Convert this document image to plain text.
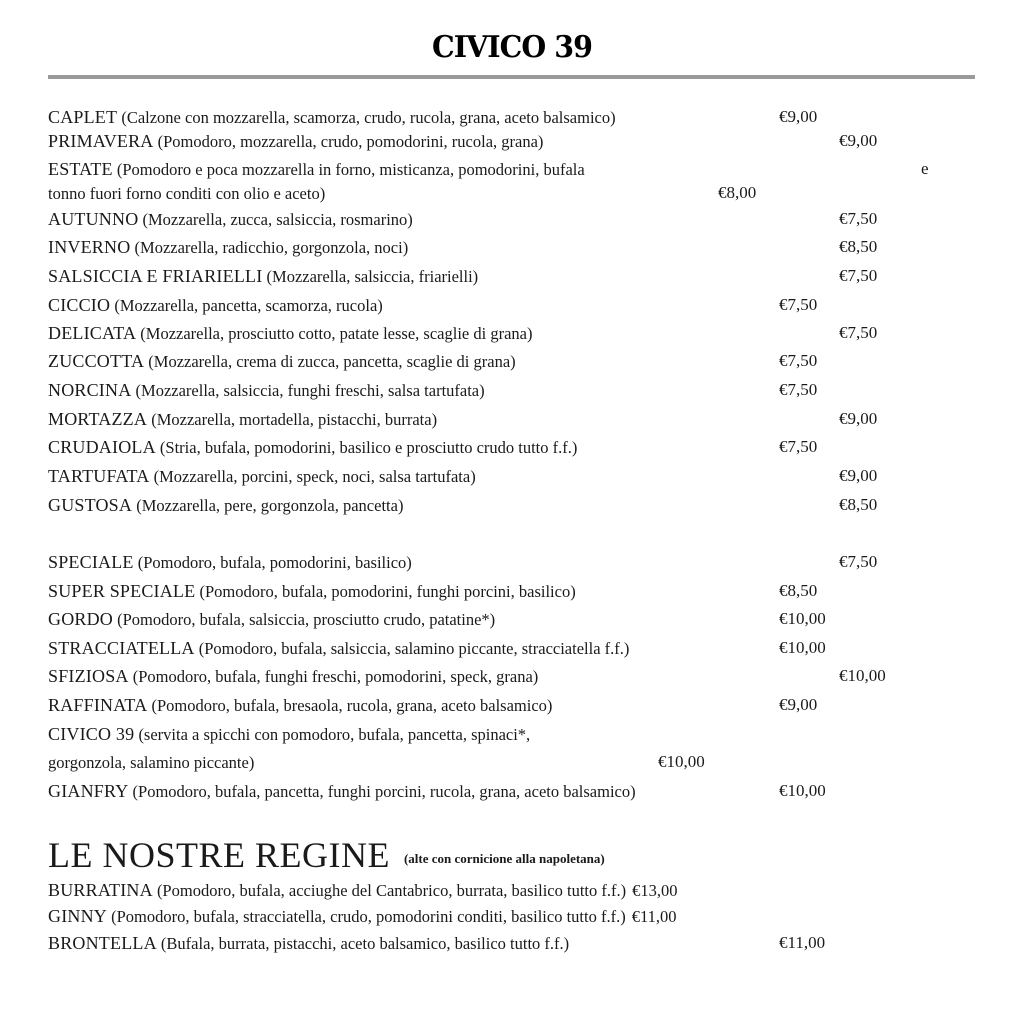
CIVICO 39
CAPLET (Calzone con mozzarella, scamorza, crudo, rucola, grana, aceto balsamico)	€9,00
PRIMAVERA (Pomodoro, mozzarella, crudo, pomodorini, rucola, grana)	€9,00
ESTATE (Pomodoro e poca mozzarella in forno, misticanza, pomodorini, bufala	e
tonno fuori forno conditi con olio e aceto)	€8,00
AUTUNNO (Mozzarella, zucca, salsiccia, rosmarino)	€7,50
INVERNO (Mozzarella, radicchio, gorgonzola, noci)	€8,50
SALSICCIA E FRIARIELLI (Mozzarella, salsiccia, friarielli)	€7,50
CICCIO (Mozzarella, pancetta, scamorza, rucola)	€7,50
DELICATA (Mozzarella, prosciutto cotto, patate lesse, scaglie di grana)	€7,50
ZUCCOTTA (Mozzarella, crema di zucca, pancetta, scaglie di grana)	€7,50
NORCINA (Mozzarella, salsiccia, funghi freschi, salsa tartufata)	€7,50
MORTAZZA (Mozzarella, mortadella, pistacchi, burrata)	€9,00
CRUDAIOLA (Stria, bufala, pomodorini, basilico e prosciutto crudo tutto f.f.)	€7,50
TARTUFATA (Mozzarella, porcini, speck, noci, salsa tartufata)	€9,00
GUSTOSA (Mozzarella, pere, gorgonzola, pancetta)	€8,50
SPECIALE (Pomodoro, bufala, pomodorini, basilico)	€7,50
SUPER SPECIALE (Pomodoro, bufala, pomodorini, funghi porcini, basilico)	€8,50
GORDO (Pomodoro, bufala, salsiccia, prosciutto crudo, patatine*)	€10,00
STRACCIATELLA (Pomodoro, bufala, salsiccia, salamino piccante, stracciatella f.f.)	€10,00
SFIZIOSA (Pomodoro, bufala, funghi freschi, pomodorini, speck, grana)	€10,00
RAFFINATA (Pomodoro, bufala, bresaola, rucola, grana, aceto balsamico)	€9,00
CIVICO 39 (servita a spicchi con pomodoro, bufala, pancetta, spinaci*,
gorgonzola, salamino piccante)	€10,00
GIANFRY (Pomodoro, bufala, pancetta, funghi porcini, rucola, grana, aceto balsamico)	€10,00
LE NOSTRE REGINE $^{(alte con cornicione alla napoletana)}$
BURRATINA (Pomodoro, bufala, acciughe del Cantabrico, burrata, basilico tutto f.f.) €13,00
GINNY (Pomodoro, bufala, stracciatella, crudo, pomodorini conditi, basilico tutto f.f.) €11,00
BRONTELLA (Bufala, burrata, pistacchi, aceto balsamico, basilico tutto f.f.)	€11,00
